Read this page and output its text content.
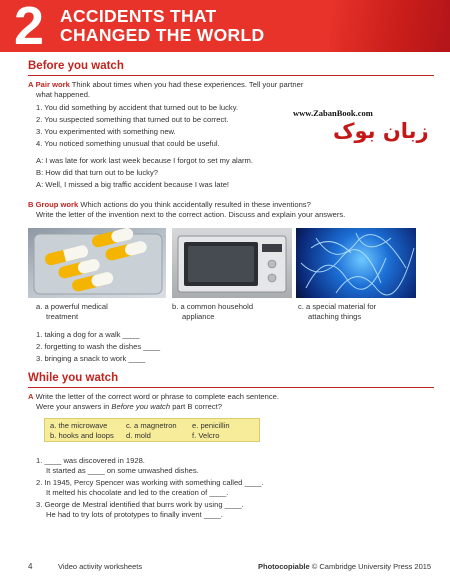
2 ACCIDENTS THAT
CHANGED THE WORLD
Before you watch
A Pair work Think about times when you had these experiences. Tell your partner
what happened.
1. You did something by accident that turned out to be lucky.
2. You suspected something that turned out to be correct.
3. You experimented with something new.
4. You noticed something unusual that could be useful.
A: I was late for work last week because I forgot to set my alarm.
B: How did that turn out to be lucky?
A: Well, I missed a big traffic accident because I was late!
www.ZabanBook.com
زبان بوک
B Group work Which actions do you think accidentally resulted in these inventions?
Write the letter of the invention next to the correct action. Discuss and explain your answers.
a. a powerful medical
treatment
b. a common household
appliance
c. a special material for
attaching things
1. taking a dog for a walk ____
2. forgetting to wash the dishes ____
3. bringing a snack to work ____
While you watch
A Write the letter of the correct word or phrase to complete each sentence.
Were your answers in Before you watch part B correct?
a. the microwave c. a magnetron e. penicillin
b. hooks and loops d. mold	f. Velcro
1. ____ was discovered in 1928.
It started as ____ on some unwashed dishes.
2. In 1945, Percy Spencer was working with something called ____.
It melted his chocolate and led to the creation of ____.
3. George de Mestral identified that burrs work by using ____.
He had to try lots of prototypes to finally invent ____.
4	Video activity worksheets	Photocopiable © Cambridge University Press 2015
